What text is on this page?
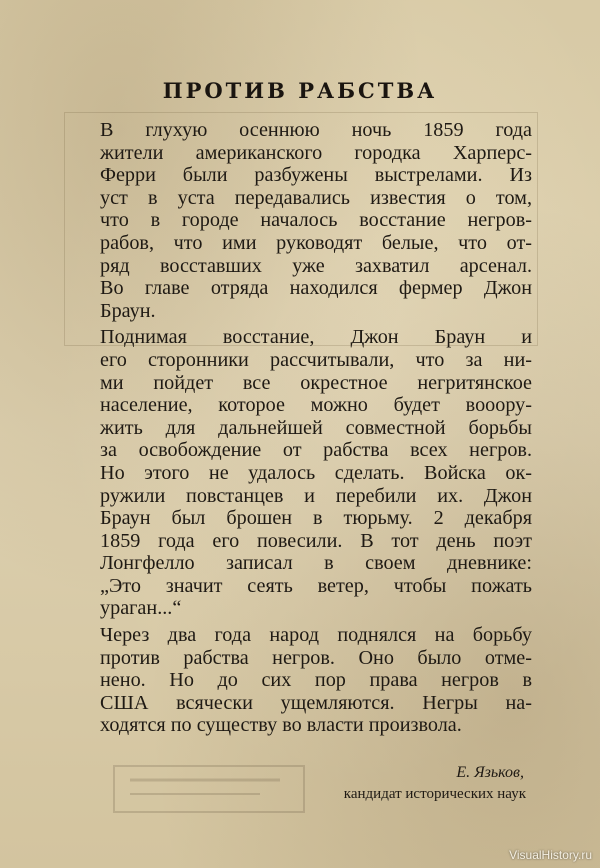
ПРОТИВ РАБСТВА

В глухую осеннюю ночь 1859 года
жители американского городка Харперс-
Ферри были разбужены выстрелами. Из
уст в уста передавались известия о том,
что в городе началось восстание негров-
рабов, что ими руководят белые, что от-
ряд восставших уже захватил арсенал.
Во главе отряда находился фермер Джон
Браун.

Поднимая восстание, Джон Браун и
его сторонники рассчитывали, что за ни-
ми пойдет все окрестное негритянское
население, которое можно будет вооору-
жить для дальнейшей совместной борьбы
за освобождение от рабства всех негров.
Но этого не удалось сделать. Войска ок-
ружили повстанцев и перебили их. Джон
Браун был брошен в тюрьму. 2 декабря
1859 года его повесили. В тот день поэт
Лонгфелло записал в своем дневнике:
„Это значит сеять ветер, чтобы пожать
ураган...“

Через два года народ поднялся на борьбу
против рабства негров. Оно было отме-
нено. Но до сих пор права негров в
США всячески ущемляются. Негры на-
ходятся по существу во власти произвола.

Е. Язьков,
кандидат исторических наук
VisualHistory.ru
